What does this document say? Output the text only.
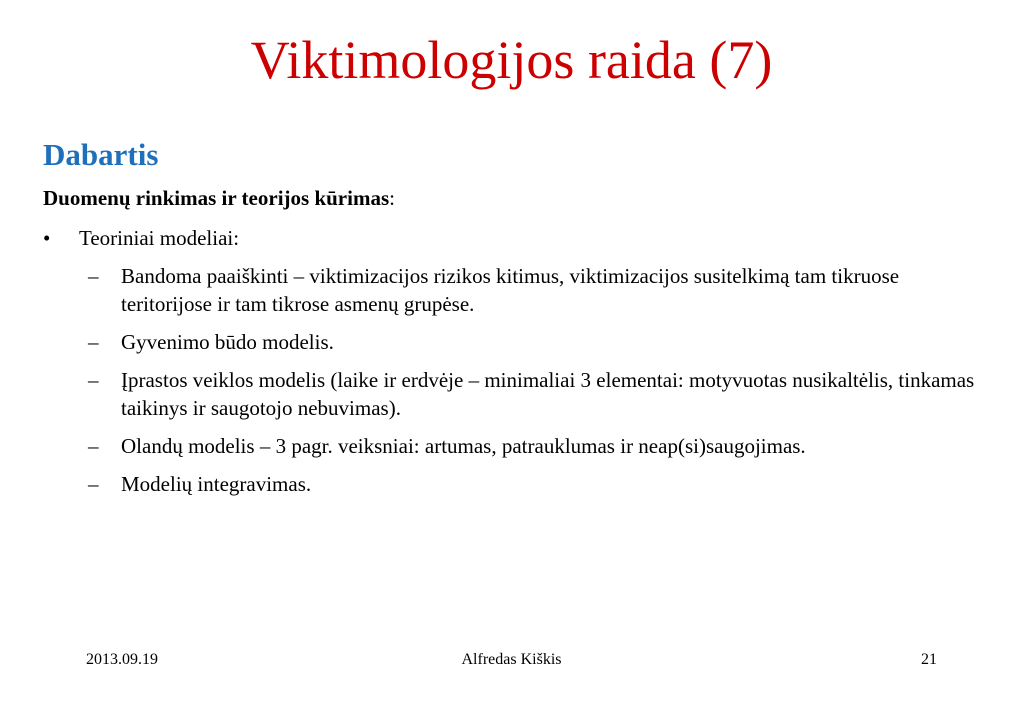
Viktimologijos raida (7)
Dabartis
Duomenų rinkimas ir teorijos kūrimas:
• Teoriniai modeliai:
– Bandoma paaiškinti – viktimizacijos rizikos kitimus, viktimizacijos susitelkimą tam tikruose teritorijose ir tam tikrose asmenų grupėse.
– Gyvenimo būdo modelis.
– Įprastos veiklos modelis (laike ir erdvėje – minimaliai 3 elementai: motyvuotas nusikaltėlis, tinkamas taikinys ir saugotojo nebuvimas).
– Olandų modelis – 3 pagr. veiksniai: artumas, patrauklumas ir neap(si)saugojimas.
– Modelių integravimas.
2013.09.19	Alfredas Kiškis	21
